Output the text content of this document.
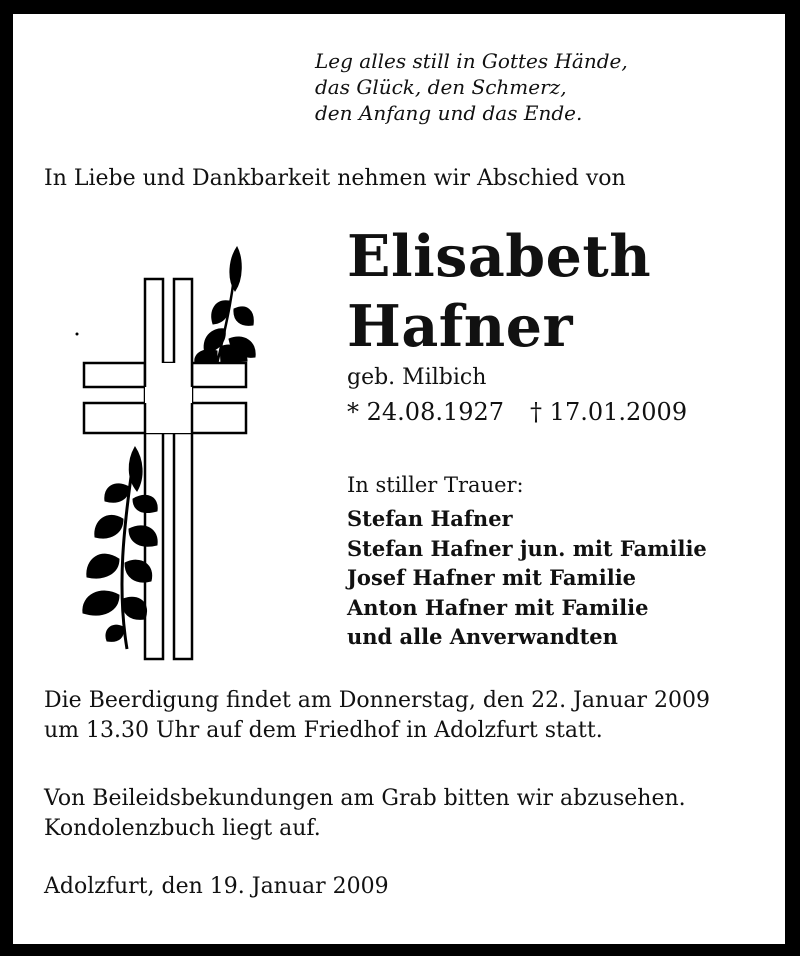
Leg alles still in Gottes Hände,
das Glück, den Schmerz,
den Anfang und das Ende.
In Liebe und Dankbarkeit nehmen wir Abschied von
Elisabeth
Hafner
geb. Milbich
* 24.08.1927 † 17.01.2009
In stiller Trauer:
Stefan Hafner
Stefan Hafner jun. mit Familie
Josef Hafner mit Familie
Anton Hafner mit Familie
und alle Anverwandten
Die Beerdigung findet am Donnerstag, den 22. Januar 2009
um 13.30 Uhr auf dem Friedhof in Adolzfurt statt.
Von Beileidsbekundungen am Grab bitten wir abzusehen.
Kondolenzbuch liegt auf.
Adolzfurt, den 19. Januar 2009
